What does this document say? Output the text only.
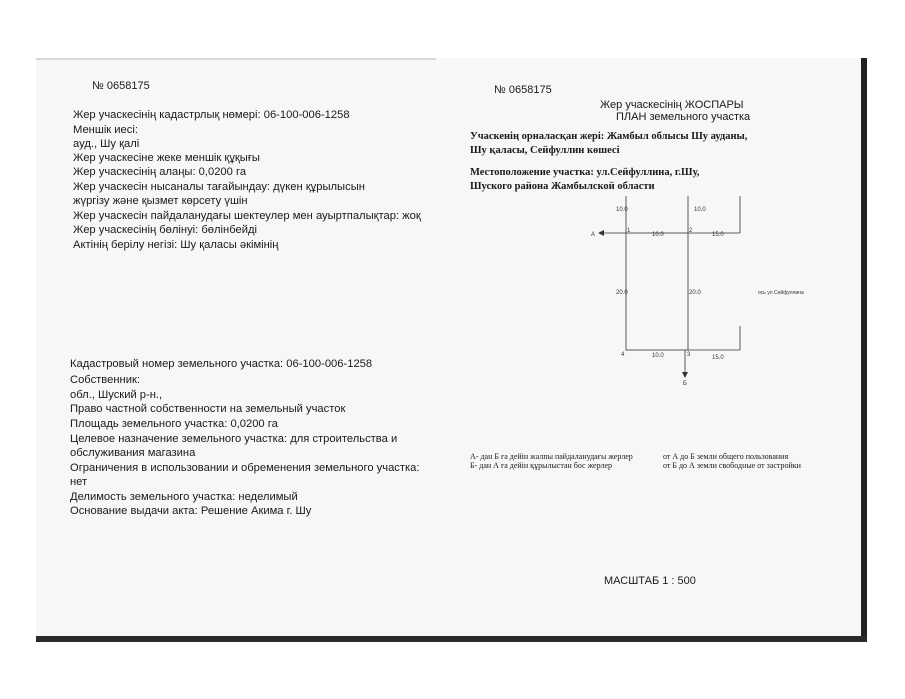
№ 0658175
Жер учаскесінің кадастрлық нөмері: 06-100-006-1258
Меншік иесі:
ауд., Шу қалі
Жер учаскесіне жеке меншік құқығы
Жер учаскесінің алаңы: 0,0200 га
Жер учаскесін нысаналы тағайындау: дүкен құрылысын
жүргізу және қызмет көрсету үшін
Жер учаскесін пайдаланудағы шектеулер мен ауыртпалықтар: жоқ
Жер учаскесінің бөлінуі: бөлінбейді
Актінің берілу негізі: Шу қаласы әкімінің
Кадастровый номер земельного участка: 06-100-006-1258
Собственник:
обл., Шуский р-н.,
Право частной собственности на земельный участок
Площадь земельного участка: 0,0200 га
Целевое назначение земельного участка: для строительства и
обслуживания магазина
Ограничения в использовании и обременения земельного участка:
нет
Делимость земельного участка: неделимый
Основание выдачи акта: Решение Акима г. Шу
№ 0658175
Жер учаскесінің ЖОСПАРЫ
ПЛАН земельного участка
Учаскенің орналасқан жері: Жамбыл облысы Шу ауданы,
Шу қаласы, Сейфуллин көшесі
Местоположение участка: ул.Сейфуллина, г.Шу,
Шуского района Жамбылской области
10.0	10.0
10.0	15.0
20.0	20.0
10.0	15.0
1	2
3
4
А
Б
ось ул.Сейфуллина
А- дан Б ға дейін жалпы пайдаланудағы жерлер	от А до Б земли общего пользования
Б- дан А ға дейін құрылыстан бос жерлер	от Б до А земли свободные от застройки
МАСШТАБ 1 : 500
